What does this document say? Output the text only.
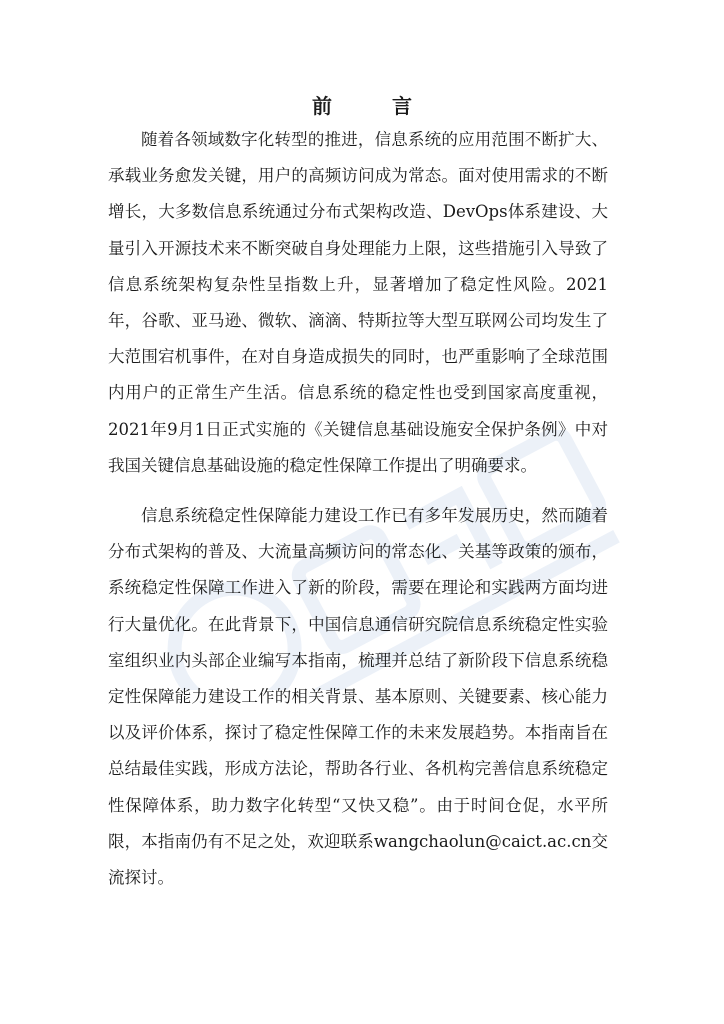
前　言

随着各领域数字化转型的推进，信息系统的应用范围不断扩大、承载业务愈发关键，用户的高频访问成为常态。面对使用需求的不断增长，大多数信息系统通过分布式架构改造、DevOps体系建设、大量引入开源技术来不断突破自身处理能力上限，这些措施引入导致了信息系统架构复杂性呈指数上升，显著增加了稳定性风险。2021年，谷歌、亚马逊、微软、滴滴、特斯拉等大型互联网公司均发生了大范围宕机事件，在对自身造成损失的同时，也严重影响了全球范围内用户的正常生产生活。信息系统的稳定性也受到国家高度重视，2021年9月1日正式实施的《关键信息基础设施安全保护条例》中对我国关键信息基础设施的稳定性保障工作提出了明确要求。

信息系统稳定性保障能力建设工作已有多年发展历史，然而随着分布式架构的普及、大流量高频访问的常态化、关基等政策的颁布，系统稳定性保障工作进入了新的阶段，需要在理论和实践两方面均进行大量优化。在此背景下，中国信息通信研究院信息系统稳定性实验室组织业内头部企业编写本指南，梳理并总结了新阶段下信息系统稳定性保障能力建设工作的相关背景、基本原则、关键要素、核心能力以及评价体系，探讨了稳定性保障工作的未来发展趋势。本指南旨在总结最佳实践，形成方法论，帮助各行业、各机构完善信息系统稳定性保障体系，助力数字化转型“又快又稳”。由于时间仓促，水平所限，本指南仍有不足之处，欢迎联系wangchaolun@caict.ac.cn交流探讨。
